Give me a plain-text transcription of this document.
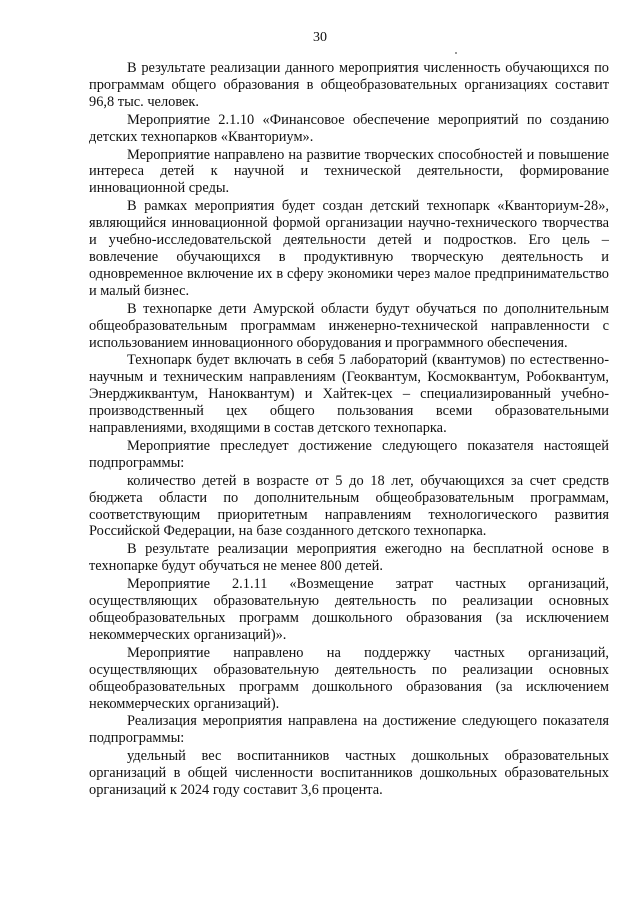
30

В результате реализации данного мероприятия численность обучающихся по программам общего образования в общеобразовательных организациях составит 96,8 тыс. человек.

Мероприятие 2.1.10 «Финансовое обеспечение мероприятий по созданию детских технопарков «Кванториум».

Мероприятие направлено на развитие творческих способностей и повышение интереса детей к научной и технической деятельности, формирование инновационной среды.

В рамках мероприятия будет создан детский технопарк «Кванториум-28», являющийся инновационной формой организации научно-технического творчества и учебно-исследовательской деятельности детей и подростков. Его цель – вовлечение обучающихся в продуктивную творческую деятельность и одновременное включение их в сферу экономики через малое предпринимательство и малый бизнес.

В технопарке дети Амурской области будут обучаться по дополнительным общеобразовательным программам инженерно-технической направленности с использованием инновационного оборудования и программного обеспечения.

Технопарк будет включать в себя 5 лабораторий (квантумов) по естественно-научным и техническим направлениям (Геоквантум, Космоквантум, Робоквантум, Энерджиквантум, Наноквантум) и Хайтек-цех – специализированный учебно-производственный цех общего пользования всеми образовательными направлениями, входящими в состав детского технопарка.

Мероприятие преследует достижение следующего показателя настоящей подпрограммы:

количество детей в возрасте от 5 до 18 лет, обучающихся за счет средств бюджета области по дополнительным общеобразовательным программам, соответствующим приоритетным направлениям технологического развития Российской Федерации, на базе созданного детского технопарка.

В результате реализации мероприятия ежегодно на бесплатной основе в технопарке будут обучаться не менее 800 детей.

Мероприятие 2.1.11 «Возмещение затрат частных организаций, осуществляющих образовательную деятельность по реализации основных общеобразовательных программ дошкольного образования (за исключением некоммерческих организаций)».

Мероприятие направлено на поддержку частных организаций, осуществляющих образовательную деятельность по реализации основных общеобразовательных программ дошкольного образования (за исключением некоммерческих организаций).

Реализация мероприятия направлена на достижение следующего показателя подпрограммы:

удельный вес воспитанников частных дошкольных образовательных организаций в общей численности воспитанников дошкольных образовательных организаций к 2024 году составит 3,6 процента.
